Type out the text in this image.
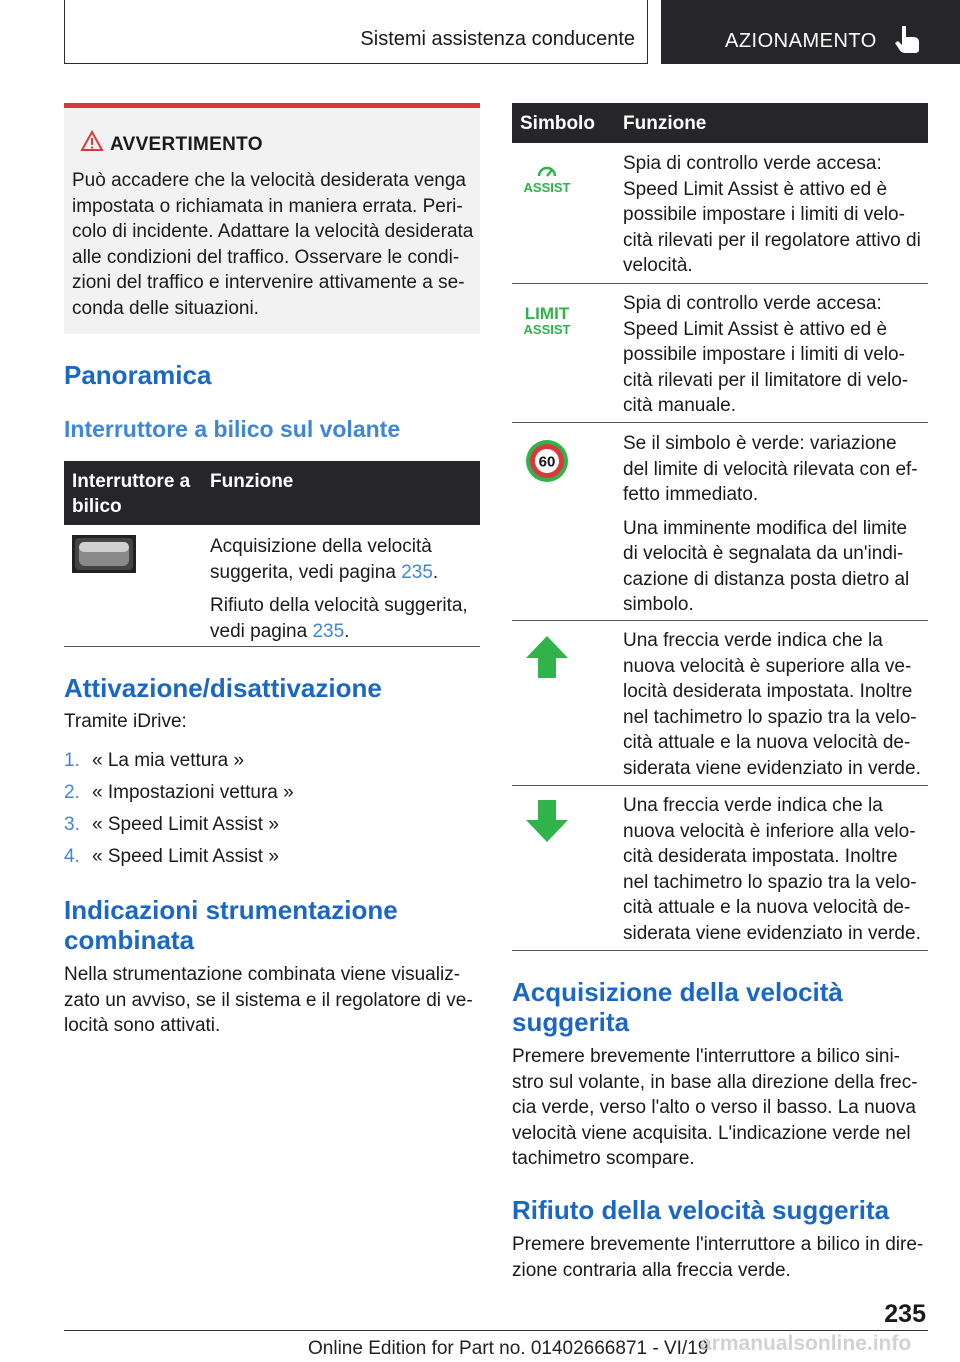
Sistemi assistenza conducente	AZIONAMENTO
AVVERTIMENTO
Può accadere che la velocità desiderata venga impostata o richiamata in maniera errata. Peri-colo di incidente. Adattare la velocità desiderata alle condizioni del traffico. Osservare le condi-zioni del traffico e intervenire attivamente a se-conda delle situazioni.
Panoramica
Interruttore a bilico sul volante
Interruttore a bilico
Funzione
Acquisizione della velocità suggerita, vedi pagina 235.
Rifiuto della velocità suggerita, vedi pagina 235.
Attivazione/disattivazione

Tramite iDrive:

1. « La mia vettura »
2. « Impostazioni vettura »
3. « Speed Limit Assist »
4. « Speed Limit Assist »
Indicazioni strumentazione combinata

Nella strumentazione combinata viene visualiz-zato un avviso, se il sistema e il regolatore di ve-locità sono attivati.

Simbolo Funzione
ASSIST
Spia di controllo verde accesa: Speed Limit Assist è attivo ed è possibile impostare i limiti di velo-cità rilevati per il regolatore attivo di velocità.
LIMIT
ASSIST
Spia di controllo verde accesa: Speed Limit Assist è attivo ed è possibile impostare i limiti di velo-cità rilevati per il limitatore di velo-cità manuale.
60
Se il simbolo è verde: variazione del limite di velocità rilevata con ef-fetto immediato.
Una imminente modifica del limite di velocità è segnalata da un'indi-cazione di distanza posta dietro al simbolo.
Una freccia verde indica che la nuova velocità è superiore alla ve-locità desiderata impostata. Inoltre nel tachimetro lo spazio tra la velo-cità attuale e la nuova velocità de-siderata viene evidenziato in verde.
Una freccia verde indica che la nuova velocità è inferiore alla velo-cità desiderata impostata. Inoltre nel tachimetro lo spazio tra la velo-cità attuale e la nuova velocità de-siderata viene evidenziato in verde.
Acquisizione della velocità suggerita

Premere brevemente l'interruttore a bilico sini-stro sul volante, in base alla direzione della frec-cia verde, verso l'alto o verso il basso. La nuova velocità viene acquisita. L'indicazione verde nel tachimetro scompare.

Rifiuto della velocità suggerita

Premere brevemente l'interruttore a bilico in dire-zione contraria alla freccia verde.

235
Online Edition for Part no. 01402666871 - VI/19
armanualsonline.info
